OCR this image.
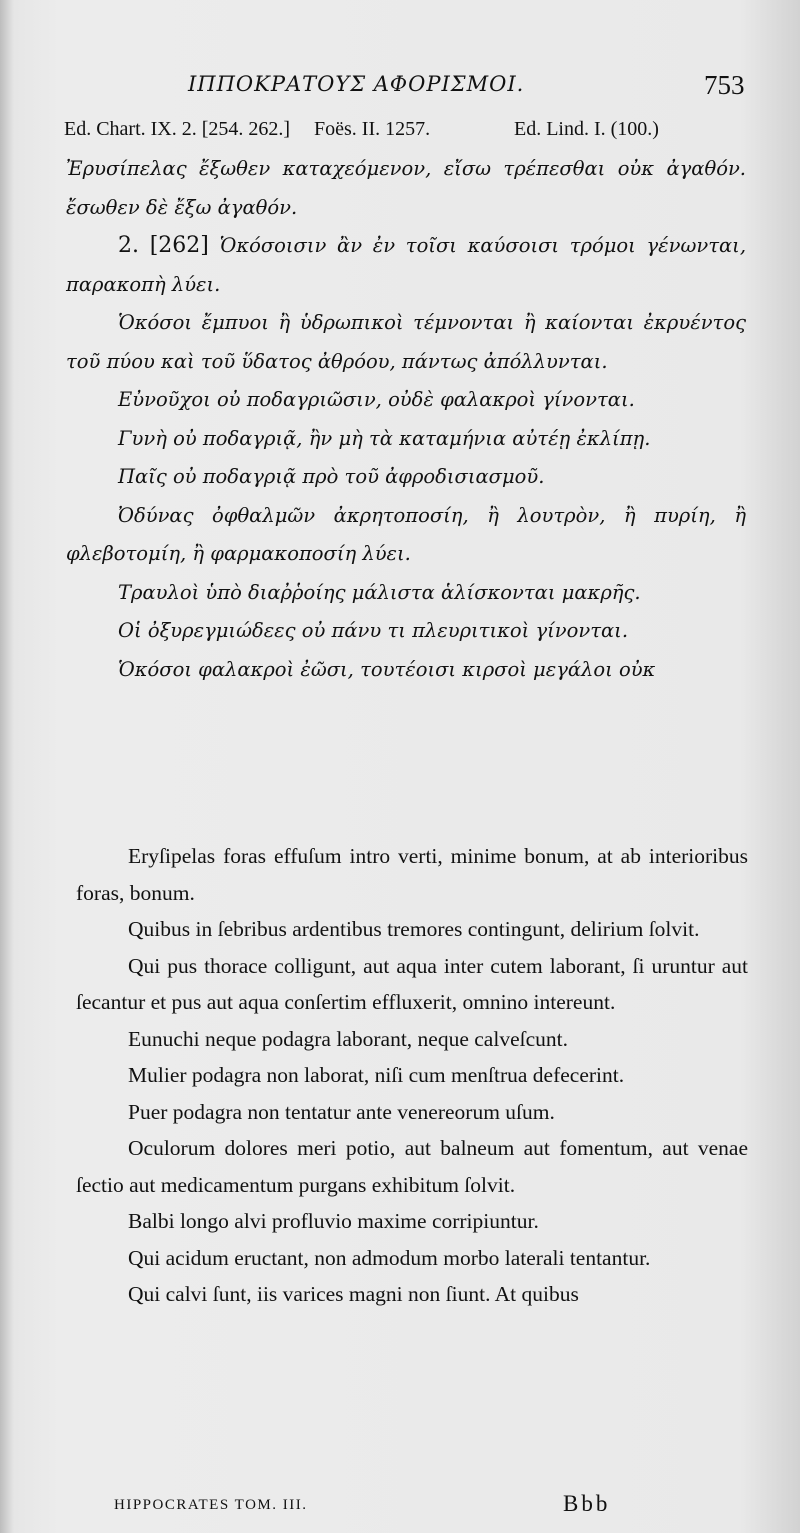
ΙΠΠΟΚΡΑΤΟΥΣ ΑΦΟΡΙΣΜΟΙ.	753
Ed. Chart. IX. 2. [254. 262.] Foës. II. 1257.	Ed. Lind. I. (100.)

Ἐρυσίπελας ἔξωθεν καταχεόμενον, εἴσω τρέπεσθαι οὐκ ἀγαθόν. ἔσωθεν δὲ ἔξω ἀγαθόν.

2. [262] Ὁκόσοισιν ἂν ἐν τοῖσι καύσοισι τρόμοι γένωνται, παρακοπὴ λύει.

Ὁκόσοι ἔμπυοι ἢ ὑδρωπικοὶ τέμνονται ἢ καίονται ἐκρυέντος τοῦ πύου καὶ τοῦ ὕδατος ἀθρόου, πάντως ἀπόλλυνται.

Εὐνοῦχοι οὐ ποδαγριῶσιν, οὐδὲ φαλακροὶ γίνονται.

Γυνὴ οὐ ποδαγριᾷ, ἢν μὴ τὰ καταμήνια αὐτέῃ ἐκλίπῃ.

Παῖς οὐ ποδαγριᾷ πρὸ τοῦ ἀφροδισιασμοῦ.

Ὀδύνας ὀφθαλμῶν ἀκρητοποσίη, ἢ λουτρὸν, ἢ πυρίη, ἢ φλεβοτομίη, ἢ φαρμακοποσίη λύει.

Τραυλοὶ ὑπὸ διαῤῥοίης μάλιστα ἁλίσκονται μακρῆς.

Οἱ ὀξυρεγμιώδεες οὐ πάνυ τι πλευριτικοὶ γίνονται.

Ὁκόσοι φαλακροὶ ἐῶσι, τουτέοισι κιρσοὶ μεγάλοι οὐκ

Eryſipelas foras effuſum intro verti, minime bonum, at ab interioribus foras, bonum.

Quibus in ſebribus ardentibus tremores contingunt, delirium ſolvit.

Qui pus thorace colligunt, aut aqua inter cutem laborant, ſi uruntur aut ſecantur et pus aut aqua conſertim effluxerit, omnino intereunt.

Eunuchi neque podagra laborant, neque calveſcunt.

Mulier podagra non laborat, niſi cum menſtrua defecerint.

Puer podagra non tentatur ante venereorum uſum.

Oculorum dolores meri potio, aut balneum aut fomentum, aut venae ſectio aut medicamentum purgans exhibitum ſolvit.

Balbi longo alvi profluvio maxime corripiuntur.

Qui acidum eructant, non admodum morbo laterali tentantur.

Qui calvi ſunt, iis varices magni non ſiunt. At quibus

HIPPOCRATES TOM. III.	Bbb
